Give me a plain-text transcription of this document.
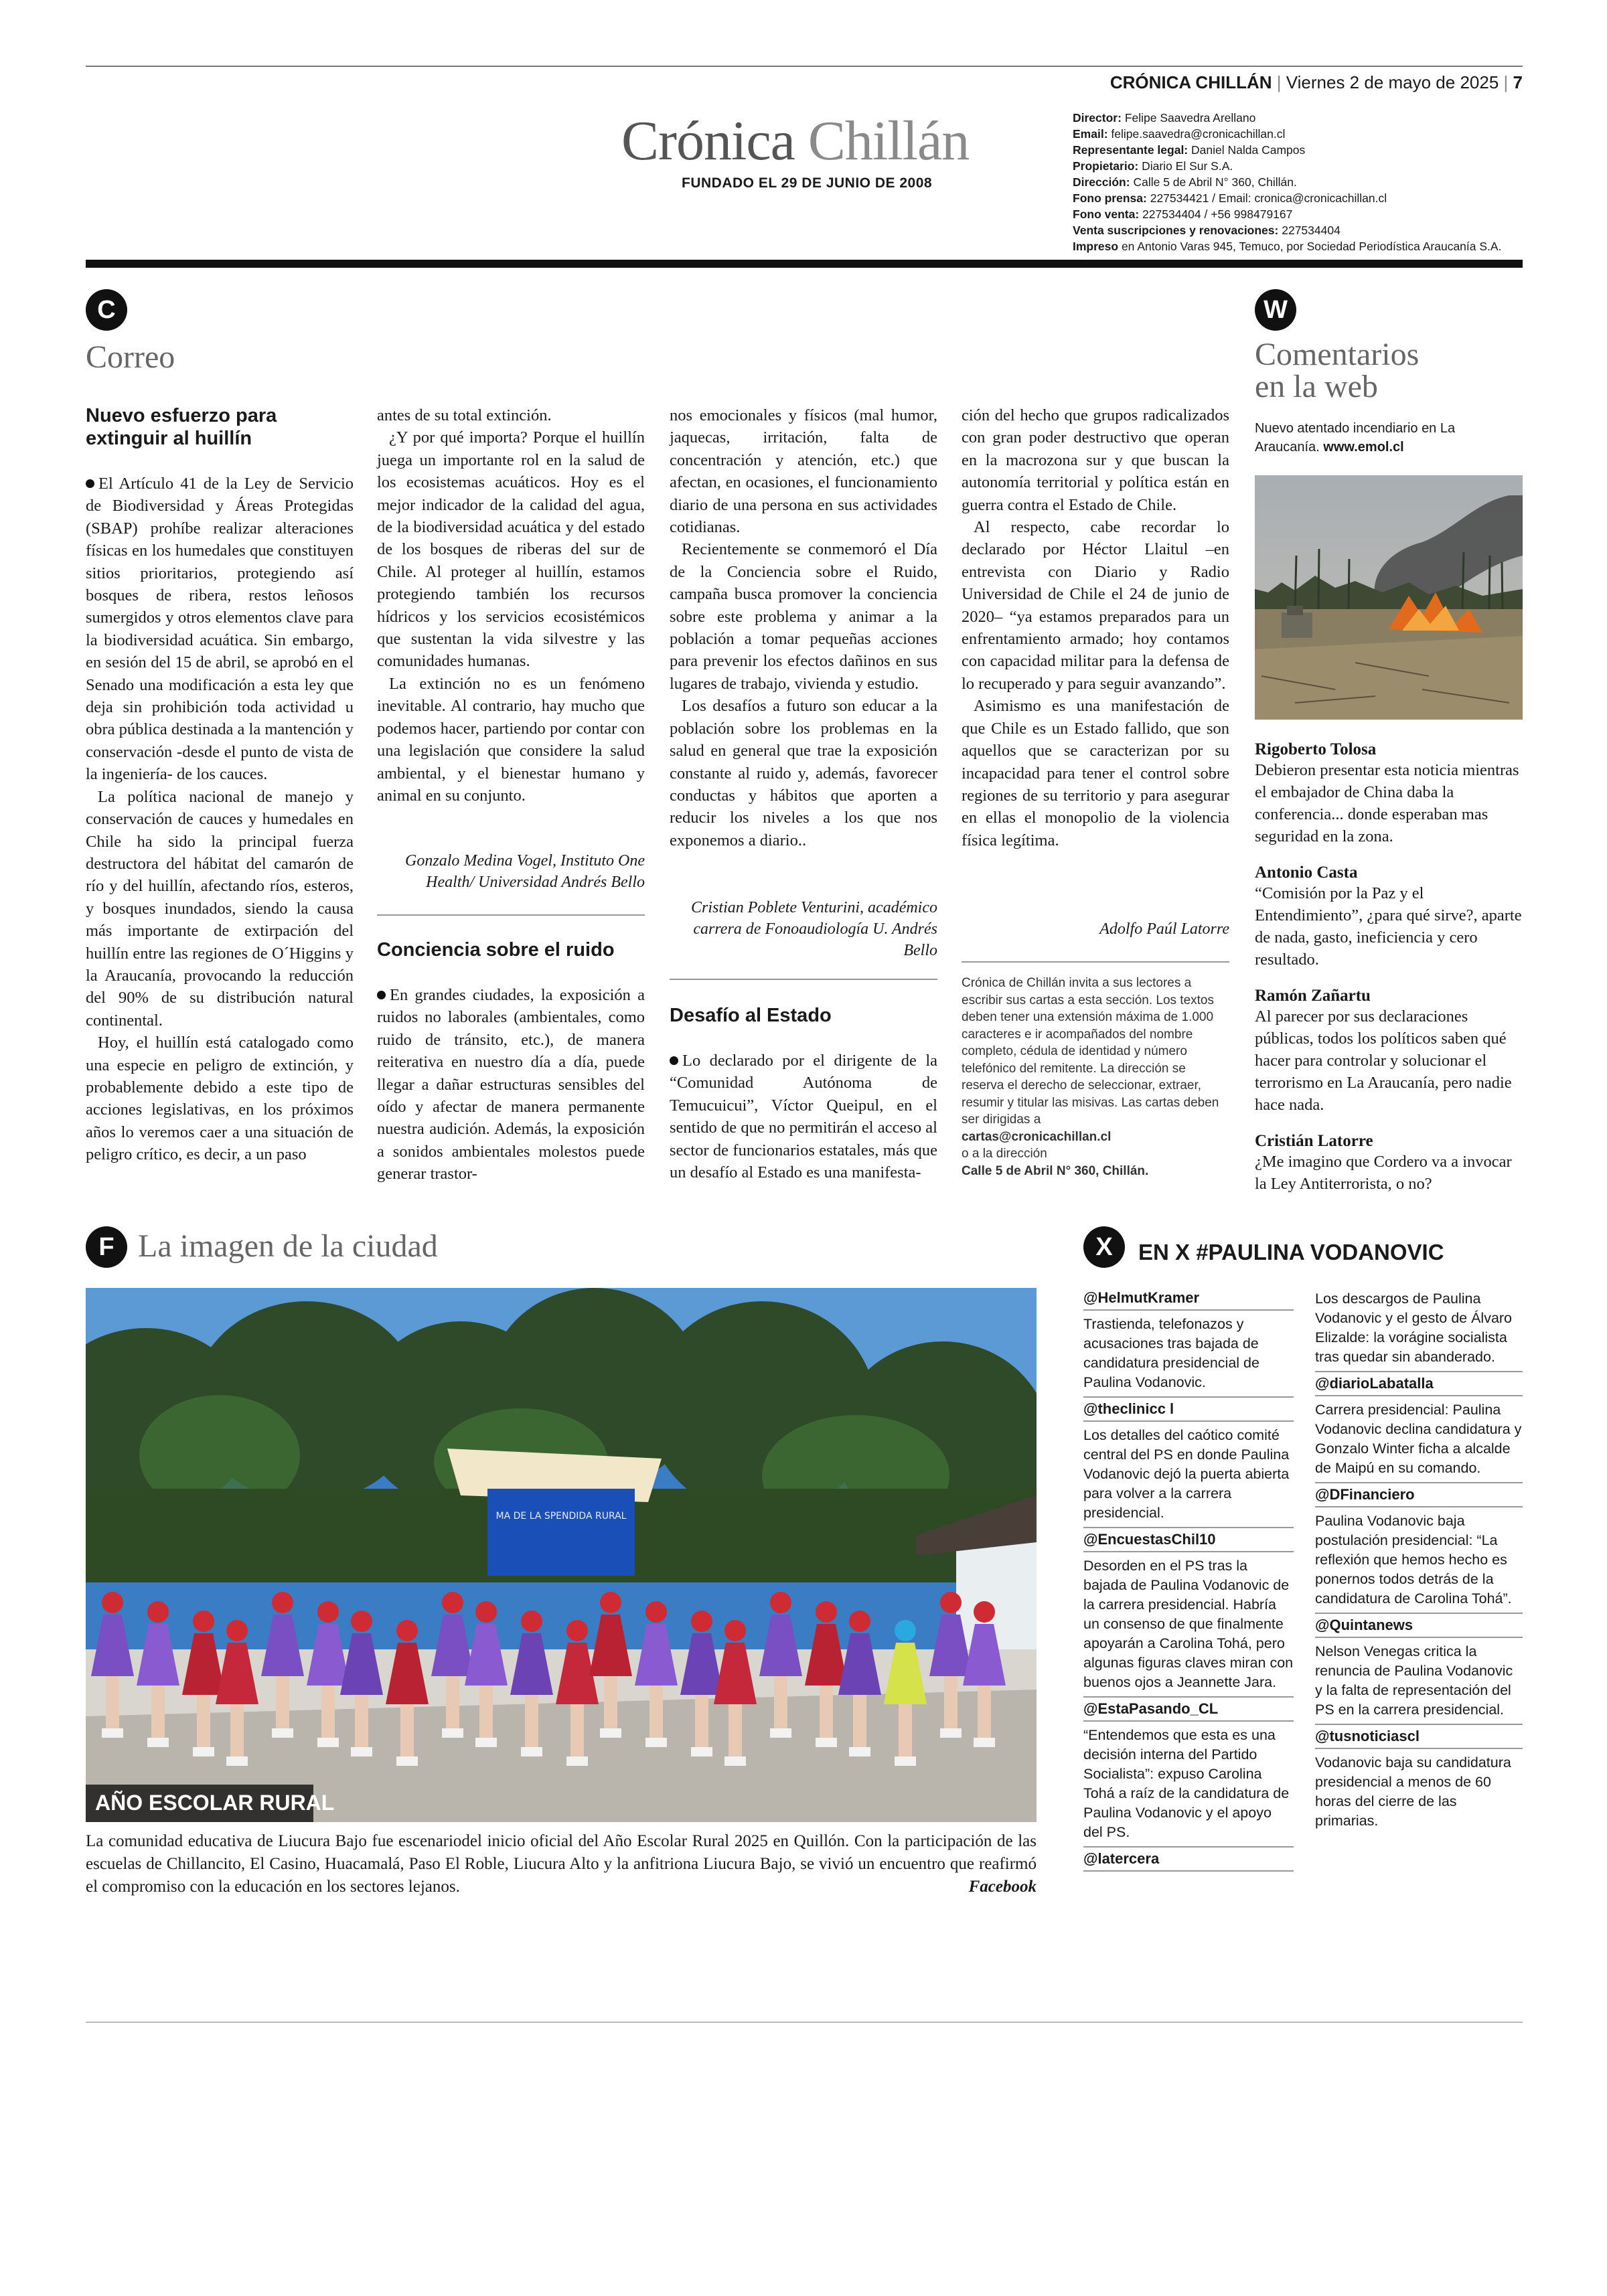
CRÓNICA CHILLÁN | Viernes 2 de mayo de 2025 | 7
Crónica Chillán
FUNDADO EL 29 DE JUNIO DE 2008
Director: Felipe Saavedra Arellano
Email: felipe.saavedra@cronicachillan.cl
Representante legal: Daniel Nalda Campos
Propietario: Diario El Sur S.A.
Dirección: Calle 5 de Abril N° 360, Chillán.
Fono prensa: 227534421 / Email: cronica@cronicachillan.cl
Fono venta: 227534404 / +56 998479167
Venta suscripciones y renovaciones: 227534404
Impreso en Antonio Varas 945, Temuco, por Sociedad Periodística Araucanía S.A.
C
Correo
Nuevo esfuerzo para extinguir al huillín

El Artículo 41 de la Ley de Servicio de Biodiversidad y Áreas Protegidas (SBAP) prohíbe realizar alteraciones físicas en los humedales que constituyen sitios prioritarios, protegiendo así bosques de ribera, restos leñosos sumergidos y otros elementos clave para la biodiversidad acuática. Sin embargo, en sesión del 15 de abril, se aprobó en el Senado una modificación a esta ley que deja sin prohibición toda actividad u obra pública destinada a la mantención y conservación -desde el punto de vista de la ingeniería- de los cauces.

La política nacional de manejo y conservación de cauces y humedales en Chile ha sido la principal fuerza destructora del hábitat del camarón de río y del huillín, afectando ríos, esteros, y bosques inundados, siendo la causa más importante de extirpación del huillín entre las regiones de O´Higgins y la Araucanía, provocando la reducción del 90% de su distribución natural continental.

Hoy, el huillín está catalogado como una especie en peligro de extinción, y probablemente debido a este tipo de acciones legislativas, en los próximos años lo veremos caer a una situación de peligro crítico, es decir, a un paso

antes de su total extinción.

¿Y por qué importa? Porque el huillín juega un importante rol en la salud de los ecosistemas acuáticos. Hoy es el mejor indicador de la calidad del agua, de la biodiversidad acuática y del estado de los bosques de riberas del sur de Chile. Al proteger al huillín, estamos protegiendo también los recursos hídricos y los servicios ecosistémicos que sustentan la vida silvestre y las comunidades humanas.

La extinción no es un fenómeno inevitable. Al contrario, hay mucho que podemos hacer, partiendo por contar con una legislación que considere la salud ambiental, y el bienestar humano y animal en su conjunto.

Gonzalo Medina Vogel, Instituto One Health/ Universidad Andrés Bello
Conciencia sobre el ruido

En grandes ciudades, la exposición a ruidos no laborales (ambientales, como ruido de tránsito, etc.), de manera reiterativa en nuestro día a día, puede llegar a dañar estructuras sensibles del oído y afectar de manera permanente nuestra audición. Además, la exposición a sonidos ambientales molestos puede generar trastor-

nos emocionales y físicos (mal humor, jaquecas, irritación, falta de concentración y atención, etc.) que afectan, en ocasiones, el funcionamiento diario de una persona en sus actividades cotidianas.

Recientemente se conmemoró el Día de la Conciencia sobre el Ruido, campaña busca promover la conciencia sobre este problema y animar a la población a tomar pequeñas acciones para prevenir los efectos dañinos en sus lugares de trabajo, vivienda y estudio.

Los desafíos a futuro son educar a la población sobre los problemas en la salud en general que trae la exposición constante al ruido y, además, favorecer conductas y hábitos que aporten a reducir los niveles a los que nos exponemos a diario..

Cristian Poblete Venturini, académico carrera de Fonoaudiología U. Andrés Bello
Desafío al Estado

Lo declarado por el dirigente de la “Comunidad Autónoma de Temucuicui”, Víctor Queipul, en el sentido de que no permitirán el acceso al sector de funcionarios estatales, más que un desafío al Estado es una manifesta-

ción del hecho que grupos radicalizados con gran poder destructivo que operan en la macrozona sur y que buscan la autonomía territorial y política están en guerra contra el Estado de Chile.

Al respecto, cabe recordar lo declarado por Héctor Llaitul –en entrevista con Diario y Radio Universidad de Chile el 24 de junio de 2020– “ya estamos preparados para un enfrentamiento armado; hoy contamos con capacidad militar para la defensa de lo recuperado y para seguir avanzando”.

Asimismo es una manifestación de que Chile es un Estado fallido, que son aquellos que se caracterizan por su incapacidad para tener el control sobre regiones de su territorio y para asegurar en ellas el monopolio de la violencia física legítima.

Adolfo Paúl Latorre
Crónica de Chillán invita a sus lectores a escribir sus cartas a esta sección. Los textos deben tener una extensión máxima de 1.000 caracteres e ir acompañados del nombre completo, cédula de identidad y número telefónico del remitente. La dirección se reserva el derecho de seleccionar, extraer, resumir y titular las misivas. Las cartas deben ser dirigidas a
cartas@cronicachillan.cl
o a la dirección
Calle 5 de Abril N° 360, Chillán.
W
Comentarios
en la web
Nuevo atentado incendiario en La Araucanía. www.emol.cl
Rigoberto Tolosa
Debieron presentar esta noticia mientras el embajador de China daba la conferencia... donde esperaban mas seguridad en la zona.
Antonio Casta
“Comisión por la Paz y el Entendimiento”, ¿para qué sirve?, aparte de nada, gasto, ineficiencia y cero resultado.
Ramón Zañartu
Al parecer por sus declaraciones públicas, todos los políticos saben qué hacer para controlar y solucionar el terrorismo en La Araucanía, pero nadie hace nada.
Cristián Latorre
¿Me imagino que Cordero va a invocar la Ley Antiterrorista, o no?
F La imagen de la ciudad
MA DE LA SPENDIDA RURAL
AÑO ESCOLAR RURAL
La comunidad educativa de Liucura Bajo fue escenariodel inicio oficial del Año Escolar Rural 2025 en Quillón. Con la participación de las escuelas de Chillancito, El Casino, Huacamalá, Paso El Roble, Liucura Alto y la anfitriona Liucura Bajo, se vivió un encuentro que reafirmó el compromiso con la educación en los sectores lejanos.	Facebook
X	EN X #PAULINA VODANOVIC
@HelmutKramer
Trastienda, telefonazos y acusaciones tras bajada de candidatura presidencial de Paulina Vodanovic.
@theclinicc l
Los detalles del caótico comité central del PS en donde Paulina Vodanovic dejó la puerta abierta para volver a la carrera presidencial.
@EncuestasChil10
Desorden en el PS tras la bajada de Paulina Vodanovic de la carrera presidencial. Habría un consenso de que finalmente apoyarán a Carolina Tohá, pero algunas figuras claves miran con buenos ojos a Jeannette Jara.
@EstaPasando_CL
“Entendemos que esta es una decisión interna del Partido Socialista”: expuso Carolina Tohá a raíz de la candidatura de Paulina Vodanovic y el apoyo del PS.
@latercera
Los descargos de Paulina Vodanovic y el gesto de Álvaro Elizalde: la vorágine socialista tras quedar sin abanderado.
@diarioLabatalla
Carrera presidencial: Paulina Vodanovic declina candidatura y Gonzalo Winter ficha a alcalde de Maipú en su comando.
@DFinanciero
Paulina Vodanovic baja postulación presidencial: “La reflexión que hemos hecho es ponernos todos detrás de la candidatura de Carolina Tohá”.
@Quintanews
Nelson Venegas critica la renuncia de Paulina Vodanovic y la falta de representación del PS en la carrera presidencial.
@tusnoticiascl
Vodanovic baja su candidatura presidencial a menos de 60 horas del cierre de las primarias.
